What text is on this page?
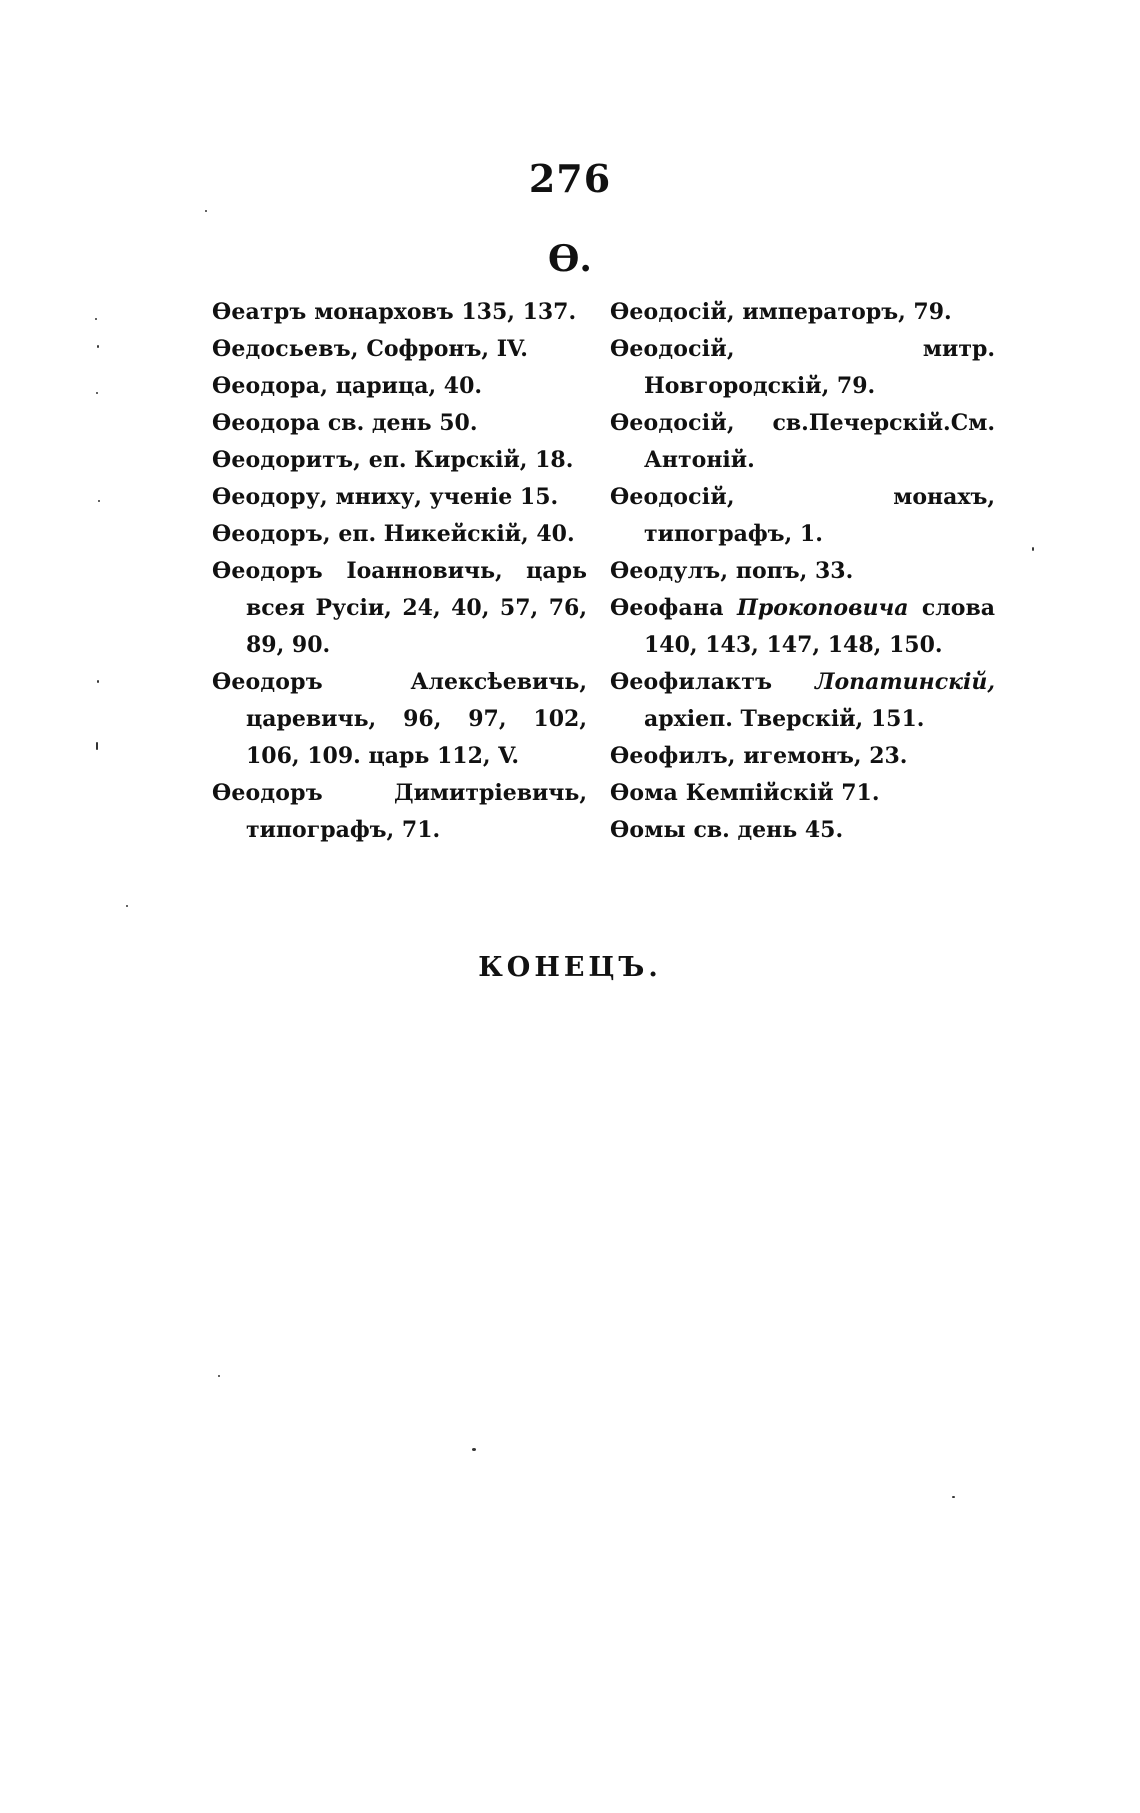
276
Ѳ.
Ѳеатръ монарховъ 135, 137.
Ѳедосьевъ, Софронъ, IV.
Ѳеодора, царица, 40.
Ѳеодора св. день 50.
Ѳеодоритъ, еп. Кирскій, 18.
Ѳеодору, мниху, ученіе 15.
Ѳеодоръ, еп. Никейскій, 40.
Ѳеодоръ Іоанновичь, царь всея Русіи, 24, 40, 57, 76, 89, 90.
Ѳеодоръ	Алексѣевичь, царевичь, 96, 97, 102, 106, 109. царь 112, V.
Ѳеодоръ	Димитріевичь, типографъ, 71.
Ѳеодосій, императоръ, 79.
Ѳеодосій,	митр. Новгородскій, 79.
Ѳеодосій, св.Печерскій.См. Антоній.
Ѳеодосій,	монахъ, типографъ, 1.
Ѳеодулъ, попъ, 33.
Ѳеофана Прокоповича слова 140, 143, 147, 148, 150.
Ѳеофилактъ Лопатинскій, архіеп. Тверскій, 151.
Ѳеофилъ, игемонъ, 23.
Ѳома Кемпійскій 71.
Ѳомы св. день 45.
КОНЕЦЪ.
